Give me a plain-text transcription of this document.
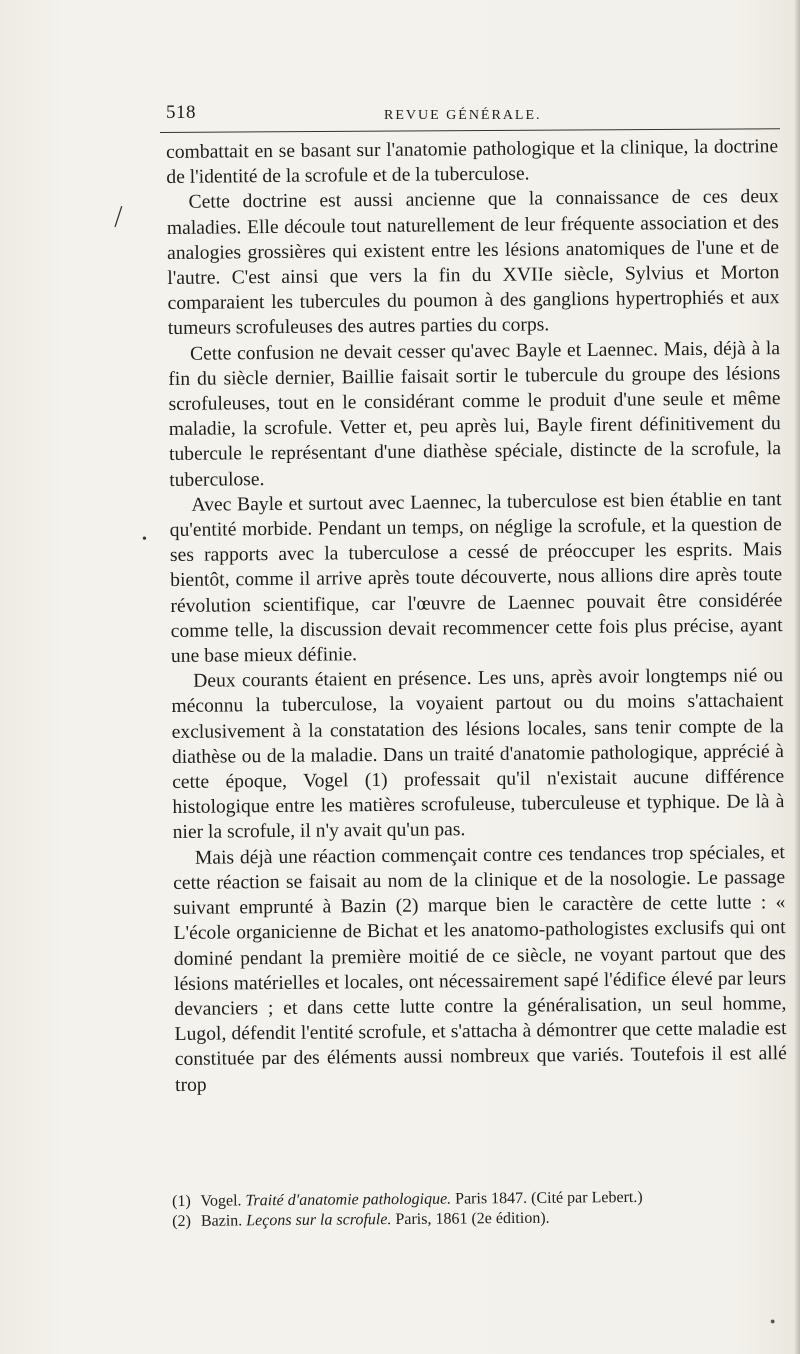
518	REVUE GÉNÉRALE.

combattait en se basant sur l'anatomie pathologique et la clinique, la doctrine de l'identité de la scrofule et de la tuberculose.

Cette doctrine est aussi ancienne que la connaissance de ces deux maladies. Elle découle tout naturellement de leur fréquente association et des analogies grossières qui existent entre les lésions anatomiques de l'une et de l'autre. C'est ainsi que vers la fin du XVIIe siècle, Sylvius et Morton comparaient les tubercules du poumon à des ganglions hypertrophiés et aux tumeurs scrofuleuses des autres parties du corps.

Cette confusion ne devait cesser qu'avec Bayle et Laennec. Mais, déjà à la fin du siècle dernier, Baillie faisait sortir le tubercule du groupe des lésions scrofuleuses, tout en le considérant comme le produit d'une seule et même maladie, la scrofule. Vetter et, peu après lui, Bayle firent définitivement du tubercule le représentant d'une diathèse spéciale, distincte de la scrofule, la tuberculose.

Avec Bayle et surtout avec Laennec, la tuberculose est bien établie en tant qu'entité morbide. Pendant un temps, on néglige la scrofule, et la question de ses rapports avec la tuberculose a cessé de préoccuper les esprits. Mais bientôt, comme il arrive après toute découverte, nous allions dire après toute révolution scientifique, car l'œuvre de Laennec pouvait être considérée comme telle, la discussion devait recommencer cette fois plus précise, ayant une base mieux définie.

Deux courants étaient en présence. Les uns, après avoir longtemps nié ou méconnu la tuberculose, la voyaient partout ou du moins s'attachaient exclusivement à la constatation des lésions locales, sans tenir compte de la diathèse ou de la maladie. Dans un traité d'anatomie pathologique, apprécié à cette époque, Vogel (1) professait qu'il n'existait aucune différence histologique entre les matières scrofuleuse, tuberculeuse et typhique. De là à nier la scrofule, il n'y avait qu'un pas.

Mais déjà une réaction commençait contre ces tendances trop spéciales, et cette réaction se faisait au nom de la clinique et de la nosologie. Le passage suivant emprunté à Bazin (2) marque bien le caractère de cette lutte : « L'école organicienne de Bichat et les anatomo-pathologistes exclusifs qui ont dominé pendant la première moitié de ce siècle, ne voyant partout que des lésions matérielles et locales, ont nécessairement sapé l'édifice élevé par leurs devanciers ; et dans cette lutte contre la généralisation, un seul homme, Lugol, défendit l'entité scrofule, et s'attacha à démontrer que cette maladie est constituée par des éléments aussi nombreux que variés. Toutefois il est allé trop

(1) Vogel. Traité d'anatomie pathologique. Paris 1847. (Cité par Lebert.)

(2) Bazin. Leçons sur la scrofule. Paris, 1861 (2e édition).

│
•
●
